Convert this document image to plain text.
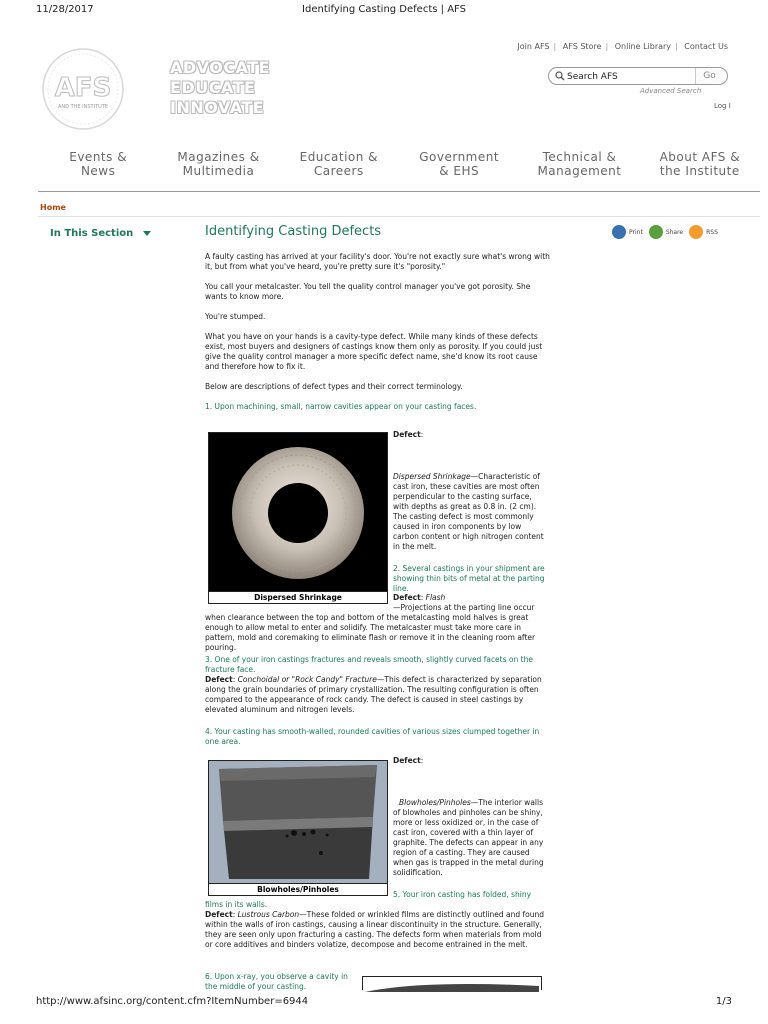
11/28/2017	Identifying Casting Defects | AFS
Join AFS | AFS Store | Online Library | Contact Us
AFS
AND THE INSTITUTE
ADVOCATE
EDUCATE
INNOVATE
Search AFS
Go
Advanced Search
Log I
Events &
News
Magazines &
Multimedia
Education &
Careers
Government
& EHS
Technical &
Management
About AFS &
the Institute
Home
In This Section	Print	Share	RSS
Identifying Casting Defects

A faulty casting has arrived at your facility's door. You're not exactly sure what's wrong with it, but from what you've heard, you're pretty sure it's "porosity."

You call your metalcaster. You tell the quality control manager you've got porosity. She wants to know more.

You're stumped.

What you have on your hands is a cavity-type defect. While many kinds of these defects exist, most buyers and designers of castings know them only as porosity. If you could just give the quality control manager a more specific defect name, she'd know its root cause and therefore how to fix it.

Below are descriptions of defect types and their correct terminology.

1. Upon machining, small, narrow cavities appear on your casting faces.

Dispersed Shrinkage
Defect:
Dispersed Shrinkage—Characteristic of cast iron, these cavities are most often perpendicular to the casting surface, with depths as great as 0.8 in. (2 cm). The casting defect is most commonly caused in iron components by low carbon content or high nitrogen content in the melt.
2. Several castings in your shipment are showing thin bits of metal at the parting line.
Defect: Flash
—Projections at the parting line occur when clearance between the top and bottom of the metalcasting mold halves is great enough to allow metal to enter and solidify. The metalcaster must take more care in pattern, mold and coremaking to eliminate flash or remove it in the cleaning room after pouring.
3. One of your iron castings fractures and reveals smooth, slightly curved facets on the fracture face.
Defect: Conchoidal or "Rock Candy" Fracture—This defect is characterized by separation along the grain boundaries of primary crystallization. The resulting configuration is often compared to the appearance of rock candy. The defect is caused in steel castings by elevated aluminum and nitrogen levels.
4. Your casting has smooth-walled, rounded cavities of various sizes clumped together in one area.
Blowholes/Pinholes
Defect:
Blowholes/Pinholes—The interior walls of blowholes and pinholes can be shiny, more or less oxidized or, in the case of cast iron, covered with a thin layer of graphite. The defects can appear in any region of a casting. They are caused when gas is trapped in the metal during solidification.
5. Your iron casting has folded, shiny films in its walls.
Defect: Lustrous Carbon—These folded or wrinkled films are distinctly outlined and found within the walls of iron castings, causing a linear discontinuity in the structure. Generally, they are seen only upon fracturing a casting. The defects form when materials from mold or core additives and binders volatize, decompose and become entrained in the melt.
6. Upon x-ray, you observe a cavity in the middle of your casting.
http://www.afsinc.org/content.cfm?ItemNumber=6944	1/3
